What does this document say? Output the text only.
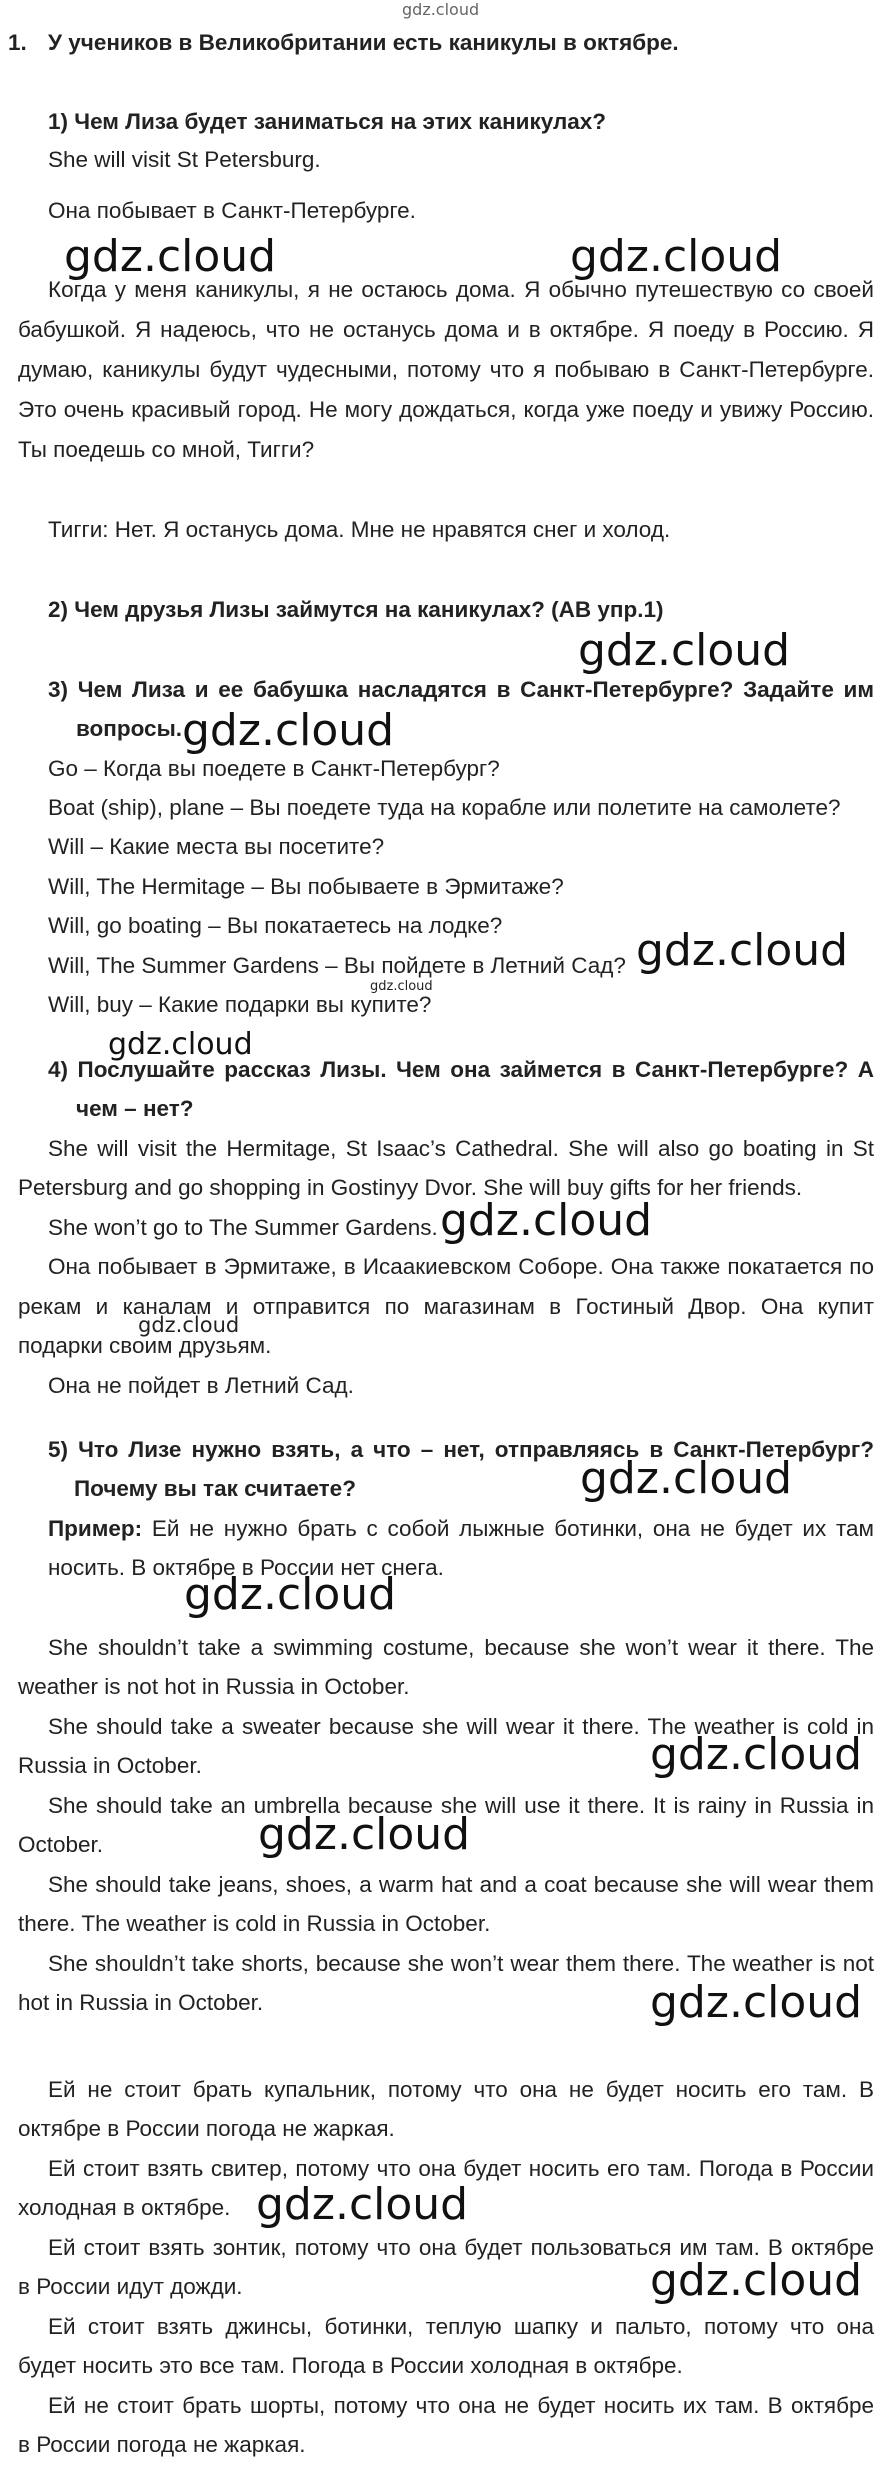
gdz.cloud
1. У учеников в Великобритании есть каникулы в октябре.
1) Чем Лиза будет заниматься на этих каникулах?
She will visit St Petersburg.
Она побывает в Санкт-Петербурге.
Когда у меня каникулы, я не остаюсь дома. Я обычно путешествую со своей
бабушкой. Я надеюсь, что не останусь дома и в октябре. Я поеду в Россию. Я
думаю, каникулы будут чудесными, потому что я побываю в Санкт-Петербурге.
Это очень красивый город. Не могу дождаться, когда уже поеду и увижу Россию.
Ты поедешь со мной, Тигги?
Тигги: Нет. Я останусь дома. Мне не нравятся снег и холод.
2) Чем друзья Лизы займутся на каникулах? (AB упр.1)
3) Чем Лиза и ее бабушка насладятся в Санкт-Петербурге? Задайте им
вопросы.
Go – Когда вы поедете в Санкт-Петербург?
Boat (ship), plane – Вы поедете туда на корабле или полетите на самолете?
Will – Какие места вы посетите?
Will, The Hermitage – Вы побываете в Эрмитаже?
Will, go boating – Вы покатаетесь на лодке?
Will, The Summer Gardens – Вы пойдете в Летний Сад?
Will, buy – Какие подарки вы купите?
4) Послушайте рассказ Лизы. Чем она займется в Санкт-Петербурге? А
чем – нет?
She will visit the Hermitage, St Isaac’s Cathedral. She will also go boating in St
Petersburg and go shopping in Gostinyy Dvor. She will buy gifts for her friends.
She won’t go to The Summer Gardens.
Она побывает в Эрмитаже, в Исаакиевском Соборе. Она также покатается по
рекам и каналам и отправится по магазинам в Гостиный Двор. Она купит
подарки своим друзьям.
Она не пойдет в Летний Сад.
5) Что Лизе нужно взять, а что – нет, отправляясь в Санкт-Петербург?
Почему вы так считаете?
Пример: Ей не нужно брать с собой лыжные ботинки, она не будет их там
носить. В октябре в России нет снега.
She shouldn’t take a swimming costume, because she won’t wear it there. The
weather is not hot in Russia in October.
She should take a sweater because she will wear it there. The weather is cold in
Russia in October.
She should take an umbrella because she will use it there. It is rainy in Russia in
October.
She should take jeans, shoes, a warm hat and a coat because she will wear them
there. The weather is cold in Russia in October.
She shouldn’t take shorts, because she won’t wear them there. The weather is not
hot in Russia in October.
Ей не стоит брать купальник, потому что она не будет носить его там. В
октябре в России погода не жаркая.
Ей стоит взять свитер, потому что она будет носить его там. Погода в России
холодная в октябре.
Ей стоит взять зонтик, потому что она будет пользоваться им там. В октябре
в России идут дожди.
Ей стоит взять джинсы, ботинки, теплую шапку и пальто, потому что она
будет носить это все там. Погода в России холодная в октябре.
Ей не стоит брать шорты, потому что она не будет носить их там. В октябре
в России погода не жаркая.
gdz.cloud	gdz.cloud
gdz.cloud
gdz.cloud
gdz.cloud
gdz.cloud
gdz.cloud
gdz.cloud
gdz.cloud
gdz.cloud
gdz.cloud
gdz.cloud
gdz.cloud
gdz.cloud
gdz.cloud
gdz.cloud
